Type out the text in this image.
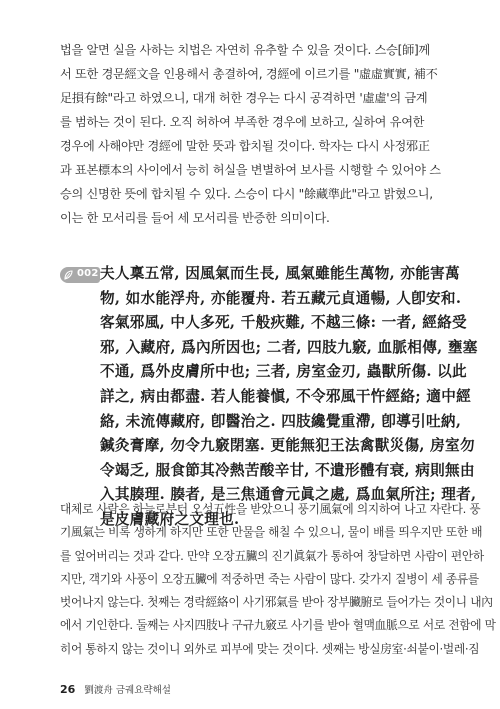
법을 알면 실을 사하는 치법은 자연히 유추할 수 있을 것이다. 스승[師]께
서 또한 경문經文을 인용해서 총결하여, 경經에 이르기를 "虛虛實實, 補不
足損有餘"라고 하였으니, 대개 허한 경우는 다시 공격하면 '虛虛'의 금계
를 범하는 것이 된다. 오직 허하여 부족한 경우에 보하고, 실하여 유여한
경우에 사해야만 경經에 말한 뜻과 합치될 것이다. 학자는 다시 사정邪正
과 표본標本의 사이에서 능히 허실을 변별하여 보사를 시행할 수 있어야 스
승의 신명한 뜻에 합치될 수 있다. 스승이 다시 "餘藏準此"라고 밝혔으니,
이는 한 모서리를 들어 세 모서리를 반증한 의미이다.
002 夫人稟五常, 因風氣而生長, 風氣雖能生萬物, 亦能害萬
物, 如水能浮舟, 亦能覆舟. 若五藏元貞通暢, 人卽安和.
客氣邪風, 中人多死, 千般疢難, 不越三條: 一者, 經絡受
邪, 入藏府, 爲內所因也; 二者, 四肢九竅, 血脈相傳, 壅塞
不通, 爲外皮膚所中也; 三者, 房室金刃, 蟲獸所傷. 以此
詳之, 病由都盡. 若人能養愼, 不令邪風干忤經絡; 適中經
絡, 未流傳藏府, 卽醫治之. 四肢纔覺重滯, 卽導引吐納,
鍼灸膏摩, 勿令九竅閉塞. 更能無犯王法禽獸災傷, 房室勿
令竭乏, 服食節其冷熱苦酸辛甘, 不遺形體有衰, 病則無由
入其腠理. 腠者, 是三焦通會元眞之處, 爲血氣所注; 理者,
是皮膚藏府之文理也.
대체로 사람은 하늘로부터 오성五性을 받았으니 풍기風氣에 의지하여 나고 자란다. 풍
기風氣는 비록 생하게 하지만 또한 만물을 해칠 수 있으니, 물이 배를 띄우지만 또한 배
를 엎어버리는 것과 같다. 만약 오장五臟의 진기眞氣가 통하여 창달하면 사람이 편안하
지만, 객기와 사풍이 오장五臟에 적중하면 죽는 사람이 많다. 갖가지 질병이 세 종류를
벗어나지 않는다. 첫째는 경락經絡이 사기邪氣를 받아 장부臟腑로 들어가는 것이니 내內
에서 기인한다. 둘째는 사지四肢나 구규九竅로 사기를 받아 혈맥血脈으로 서로 전함에 막
히어 통하지 않는 것이니 외外로 피부에 맞는 것이다. 셋째는 방실房室·쇠붙이·벌레·짐
26 劉渡舟 금궤요략해설
